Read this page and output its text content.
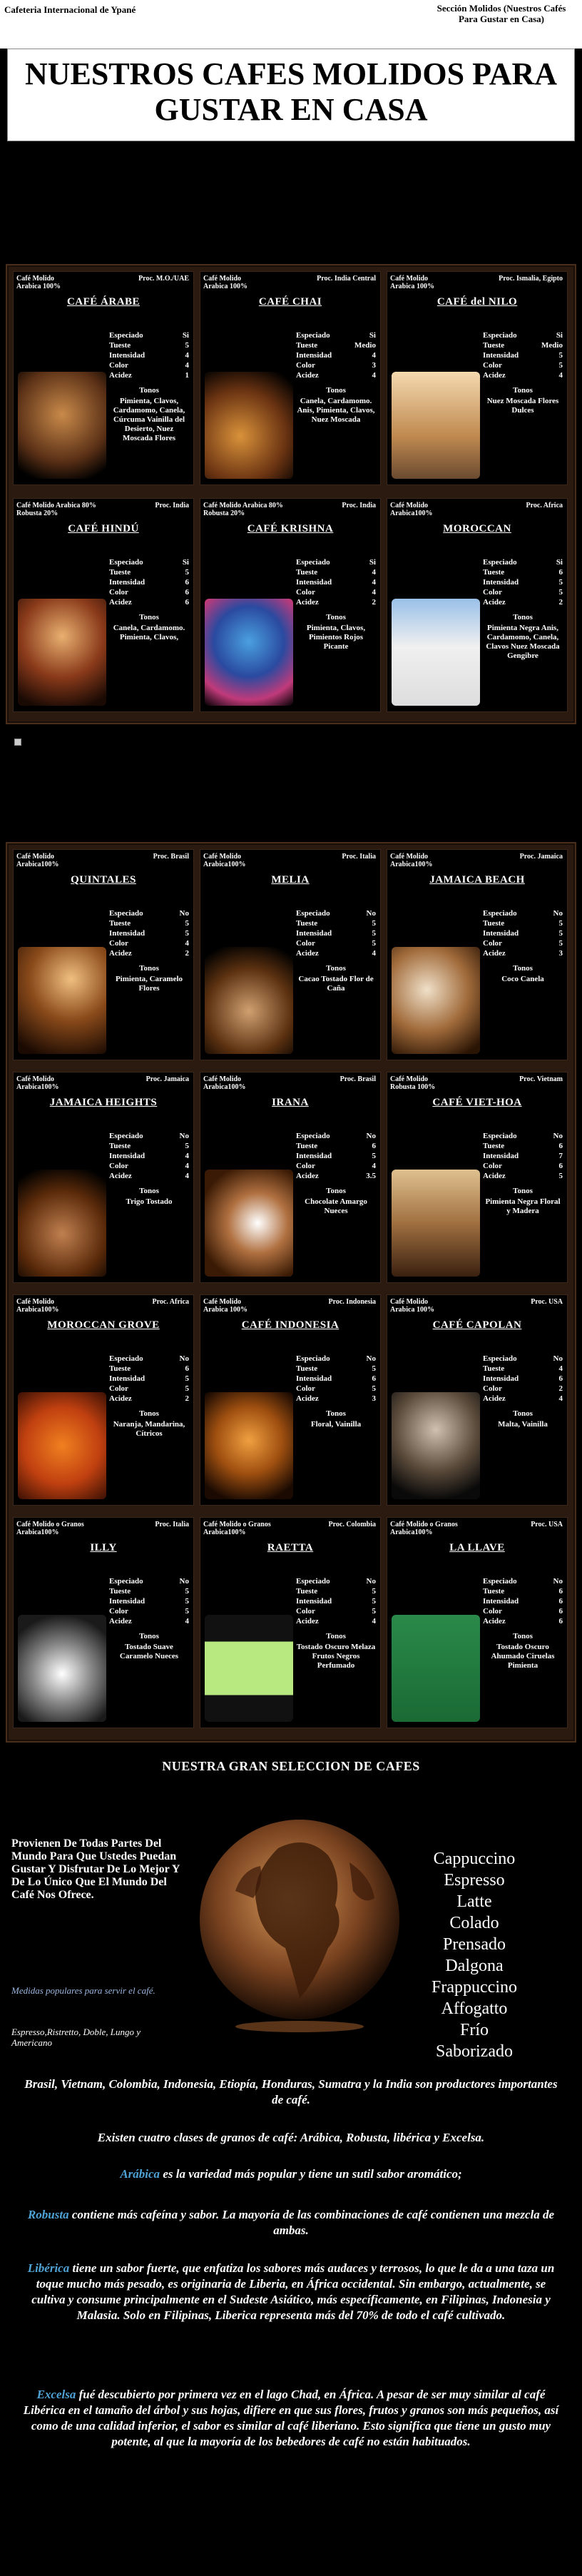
Cafeteria Internacional de Ypané	Sección Molidos (Nuestros Cafés Para Gustar en Casa)
NUESTROS CAFES MOLIDOS PARA GUSTAR EN CASA
Café Molido
Arabica 100%
Proc. M.O./UAE
CAFÉ ÁRABE
Especiado	Si
Tueste	5
Intensidad	4
Color	4
Acidez	1
Tonos
Pimienta, Clavos, Cardamomo, Canela, Cúrcuma Vainilla del Desierto, Nuez Moscada Flores
Café Molido
Arabica 100%
Proc. India Central
CAFÉ CHAI
Especiado	Si
Tueste	Medio
Intensidad	4
Color	3
Acidez	4
Tonos
Canela, Cardamomo. Anis, Pimienta, Clavos, Nuez Moscada
Café Molido
Arabica 100%
Proc. Ismalia, Egipto
CAFÉ del NILO
Especiado	Si
Tueste	Medio
Intensidad	5
Color	5
Acidez	4
Tonos
Nuez Moscada Flores Dulces
Café Molido Arabica 80%
Robusta 20%
Proc. India
CAFÉ HINDÚ
Especiado	Si
Tueste	5
Intensidad	6
Color	6
Acidez	6
Tonos
Canela, Cardamomo. Pimienta, Clavos,
Café Molido Arabica 80%
Robusta 20%
Proc. India
CAFÉ KRISHNA
Especiado	Si
Tueste	4
Intensidad	4
Color	4
Acidez	2
Tonos
Pimienta, Clavos, Pimientos Rojos Picante
Café Molido
Arabica100%
Proc. Africa
MOROCCAN
Especiado	Si
Tueste	6
Intensidad	5
Color	5
Acidez	2
Tonos
Pimienta Negra Anis, Cardamomo, Canela, Clavos Nuez Moscada Gengibre
Café Molido
Arabica100%
Proc. Brasil
QUINTALES
Especiado	No
Tueste	5
Intensidad	5
Color	4
Acidez	2
Tonos
Pimienta, Caramelo Flores
Café Molido
Arabica100%
Proc. Italia
MELIA
Especiado	No
Tueste	5
Intensidad	5
Color	5
Acidez	4
Tonos
Cacao Tostado Flor de Caña
Café Molido
Arabica100%
Proc. Jamaica
JAMAICA BEACH
Especiado	No
Tueste	5
Intensidad	5
Color	5
Acidez	3
Tonos
Coco Canela
Café Molido
Arabica100%
Proc. Jamaica
JAMAICA HEIGHTS
Especiado	No
Tueste	5
Intensidad	4
Color	4
Acidez	4
Tonos
Trigo Tostado
Café Molido
Arabica100%
Proc. Brasil
IRANA
Especiado	No
Tueste	6
Intensidad	5
Color	4
Acidez	3.5
Tonos
Chocolate Amargo Nueces
Café Molido
Robusta 100%
Proc. Vietnam
CAFÉ VIET-HOA
Especiado	No
Tueste	6
Intensidad	7
Color	6
Acidez	5
Tonos
Pimienta Negra Floral y Madera
Café Molido
Arabica100%
Proc. Africa
MOROCCAN GROVE
Especiado	No
Tueste	6
Intensidad	5
Color	5
Acidez	2
Tonos
Naranja, Mandarina, Cítricos
Café Molido
Arabica 100%
Proc. Indonesia
CAFÉ INDONESIA
Especiado	No
Tueste	5
Intensidad	6
Color	5
Acidez	3
Tonos
Floral, Vainilla
Café Molido
Arabica 100%
Proc. USA
CAFÉ CAPOLAN
Especiado	No
Tueste	4
Intensidad	6
Color	2
Acidez	4
Tonos
Malta, Vainilla
Café Molido o Granos
Arabica100%
Proc. Italia
ILLY
Especiado	No
Tueste	5
Intensidad	5
Color	5
Acidez	4
Tonos
Tostado Suave Caramelo Nueces
Café Molido o Granos
Arabica100%
Proc. Colombia
RAETTA
Especiado	No
Tueste	5
Intensidad	5
Color	5
Acidez	4
Tonos
Tostado Oscuro Melaza Frutos Negros Perfumado
Café Molido o Granos
Arabica100%
Proc. USA
LA LLAVE
Especiado	No
Tueste	6
Intensidad	6
Color	6
Acidez	6
Tonos
Tostado Oscuro Ahumado Ciruelas Pimienta
NUESTRA GRAN SELECCION DE CAFES
Provienen De Todas Partes Del Mundo Para Que Ustedes Puedan Gustar Y Disfrutar De Lo Mejor Y De Lo Único Que El Mundo Del Café Nos Ofrece.
Medidas populares para servir el café.
Espresso,Ristretto, Doble, Lungo y Americano
Cappuccino
Espresso
Latte
Colado
Prensado
Dalgona
Frappuccino
Affogatto
Frío
Saborizado
Brasil, Vietnam, Colombia, Indonesia, Etiopía, Honduras, Sumatra y la India son productores importantes de café.
Existen cuatro clases de granos de café: Arábica, Robusta, libérica y Excelsa.
Arábica es la variedad más popular y tiene un sutil sabor aromático;
Robusta contiene más cafeína y sabor. La mayoría de las combinaciones de café contienen una mezcla de ambas.
Libérica tiene un sabor fuerte, que enfatiza los sabores más audaces y terrosos, lo que le da a una taza un toque mucho más pesado, es originaria de Liberia, en África occidental. Sin embargo, actualmente, se cultiva y consume principalmente en el Sudeste Asiático, más específicamente, en Filipinas, Indonesia y Malasia. Solo en Filipinas, Liberica representa más del 70% de todo el café cultivado.
Excelsa fué descubierto por primera vez en el lago Chad, en África. A pesar de ser muy similar al café Libérica en el tamaño del árbol y sus hojas, difiere en que sus flores, frutos y granos son más pequeños, así como de una calidad inferior, el sabor es similar al café liberiano. Esto significa que tiene un gusto muy potente, al que la mayoría de los bebedores de café no están habituados.
